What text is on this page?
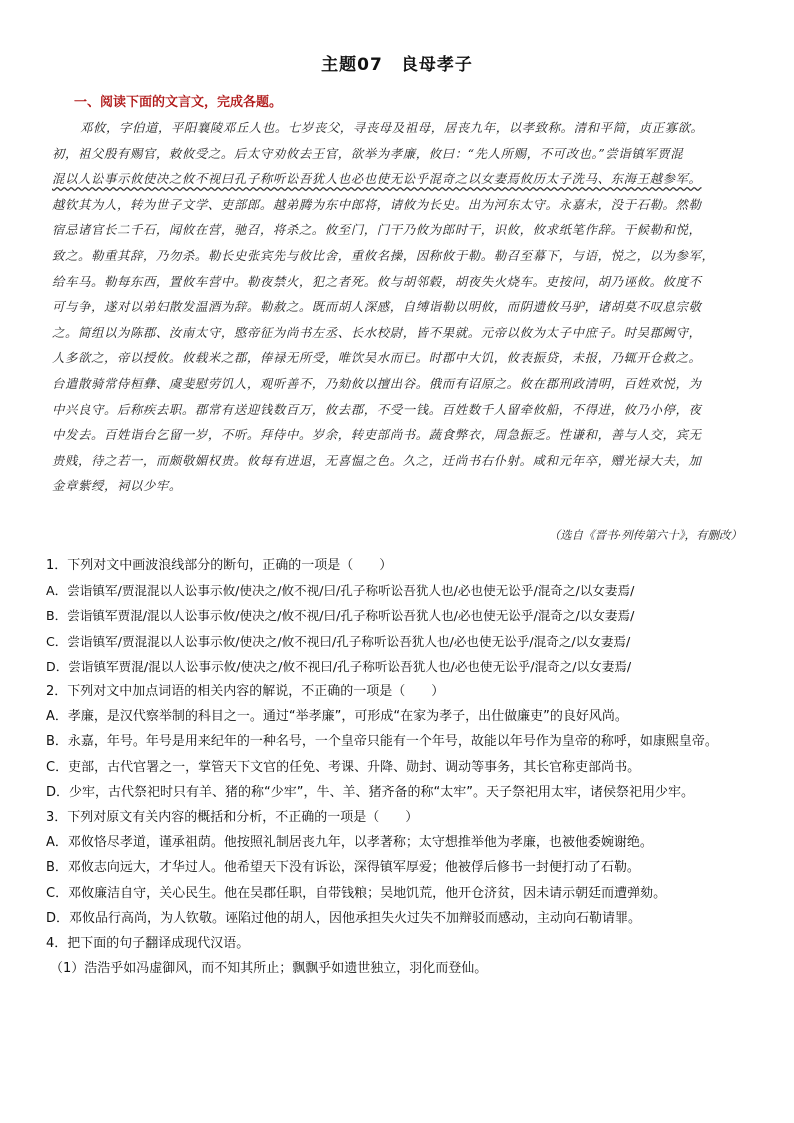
主题07　良母孝子
一、阅读下面的文言文，完成各题。
邓攸，字伯道，平阳襄陵邓丘人也。七岁丧父，寻丧母及祖母，居丧九年，以孝致称。清和平简，贞正寡欲。
初，祖父殷有赐官，敕攸受之。后太守劝攸去王官，欲举为孝廉，攸曰：“先人所赐，不可改也。”尝诣镇军贾混
混以人讼事示攸使决之攸不视曰孔子称听讼吾犹人也必也使无讼乎混奇之以女妻焉攸历太子洗马、东海王越参军。
越钦其为人，转为世子文学、吏部郎。越弟腾为东中郎将，请攸为长史。出为河东太守。永嘉末，没于石勒。然勒
宿忌诸官长二千石，闻攸在营，驰召，将杀之。攸至门，门干乃攸为郎时干，识攸，攸求纸笔作辞。干候勒和悦，
致之。勒重其辞，乃勿杀。勒长史张宾先与攸比舍，重攸名操，因称攸于勒。勒召至幕下，与语，悦之，以为参军，
给车马。勒每东西，置攸车营中。勒夜禁火，犯之者死。攸与胡邻毂，胡夜失火烧车。吏按问，胡乃诬攸。攸度不
可与争，遂对以弟妇散发温酒为辞。勒赦之。既而胡人深感，自缚诣勒以明攸，而阴遗攸马驴，诸胡莫不叹息宗敬
之。简组以为陈郡、汝南太守，愍帝征为尚书左丞、长水校尉，皆不果就。元帝以攸为太子中庶子。时吴郡阙守，
人多欲之，帝以授攸。攸载米之郡，俸禄无所受，唯饮吴水而已。时郡中大饥，攸表振贷，未报，乃辄开仓救之。
台遣散骑常侍桓彝、虞斐慰劳饥人，观听善不，乃劾攸以擅出谷。俄而有诏原之。攸在郡刑政清明，百姓欢悦，为
中兴良守。后称疾去职。郡常有送迎钱数百万，攸去郡，不受一钱。百姓数千人留牵攸船，不得进，攸乃小停，夜
中发去。百姓诣台乞留一岁，不听。拜侍中。岁余，转吏部尚书。蔬食弊衣，周急振乏。性谦和，善与人交，宾无
贵贱，待之若一，而颇敬媚权贵。攸每有进退，无喜愠之色。久之，迁尚书右仆射。咸和元年卒，赠光禄大夫，加
金章紫绶，祠以少牢。
（选自《晋书·列传第六十》，有删改）
1．下列对文中画波浪线部分的断句，正确的一项是（　　）
A．尝诣镇军/贾混混以人讼事示攸/使决之/攸不视/曰/孔子称听讼吾犹人也/必也使无讼乎/混奇之/以女妻焉/
B．尝诣镇军贾混/混以人讼事示攸/使决之/攸不视/曰/孔子称听讼吾犹人也/必也使无讼乎/混奇之/以女妻焉/
C．尝诣镇军/贾混混以人讼事示攸/使决之/攸不视曰/孔子称听讼吾犹人也/必也使无讼乎/混奇之/以女妻焉/
D．尝诣镇军贾混/混以人讼事示攸/使决之/攸不视曰/孔子称听讼吾犹人也/必也使无讼乎/混奇之/以女妻焉/
2．下列对文中加点词语的相关内容的解说，不正确的一项是（　　）
A．孝廉，是汉代察举制的科目之一。通过“举孝廉”，可形成“在家为孝子，出仕做廉吏”的良好风尚。
B．永嘉，年号。年号是用来纪年的一种名号，一个皇帝只能有一个年号，故能以年号作为皇帝的称呼，如康熙皇帝。
C．吏部，古代官署之一，掌管天下文官的任免、考课、升降、勋封、调动等事务，其长官称吏部尚书。
D．少牢，古代祭祀时只有羊、猪的称“少牢”，牛、羊、猪齐备的称“太牢”。天子祭祀用太牢，诸侯祭祀用少牢。
3．下列对原文有关内容的概括和分析，不正确的一项是（　　）
A．邓攸恪尽孝道，谨承祖荫。他按照礼制居丧九年，以孝著称；太守想推举他为孝廉，也被他委婉谢绝。
B．邓攸志向远大，才华过人。他希望天下没有诉讼，深得镇军厚爱；他被俘后修书一封便打动了石勒。
C．邓攸廉洁自守，关心民生。他在吴郡任职，自带钱粮；吴地饥荒，他开仓济贫，因未请示朝廷而遭弹劾。
D．邓攸品行高尚，为人钦敬。诬陷过他的胡人，因他承担失火过失不加辩驳而感动，主动向石勒请罪。
4．把下面的句子翻译成现代汉语。
（1）浩浩乎如冯虚御风，而不知其所止；飘飘乎如遗世独立，羽化而登仙。
